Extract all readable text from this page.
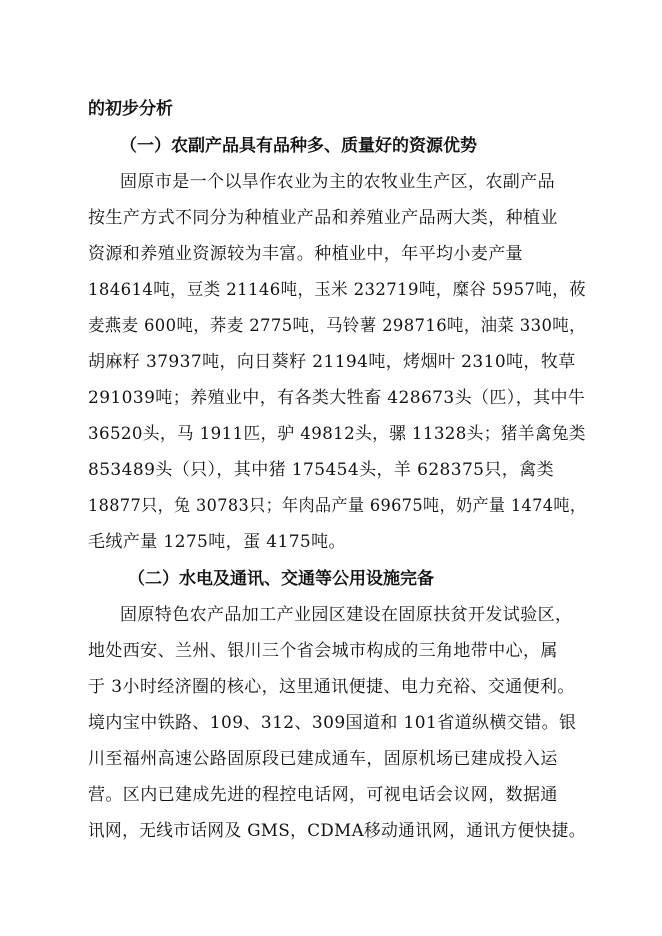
的初步分析
（一）农副产品具有品种多、质量好的资源优势
固原市是一个以旱作农业为主的农牧业生产区，农副产品
按生产方式不同分为种植业产品和养殖业产品两大类，种植业
资源和养殖业资源较为丰富。种植业中，年平均小麦产量
184614吨，豆类 21146吨，玉米 232719吨，糜谷 5957吨，莜
麦燕麦 600吨，荞麦 2775吨，马铃薯 298716吨，油菜 330吨，
胡麻籽 37937吨，向日葵籽 21194吨，烤烟叶 2310吨，牧草
291039吨；养殖业中，有各类大牲畜 428673头（匹），其中牛
36520头，马 1911匹，驴 49812头，骡 11328头；猪羊禽兔类
853489头（只），其中猪 175454头，羊 628375只，禽类
18877只，兔 30783只；年肉品产量 69675吨，奶产量 1474吨，
毛绒产量 1275吨，蛋 4175吨。
（二）水电及通讯、交通等公用设施完备
固原特色农产品加工产业园区建设在固原扶贫开发试验区，
地处西安、兰州、银川三个省会城市构成的三角地带中心，属
于 3小时经济圈的核心，这里通讯便捷、电力充裕、交通便利。
境内宝中铁路、109、312、309国道和 101省道纵横交错。银
川至福州高速公路固原段已建成通车，固原机场已建成投入运
营。区内已建成先进的程控电话网，可视电话会议网，数据通
讯网，无线市话网及 GMS，CDMA移动通讯网，通讯方便快捷。
